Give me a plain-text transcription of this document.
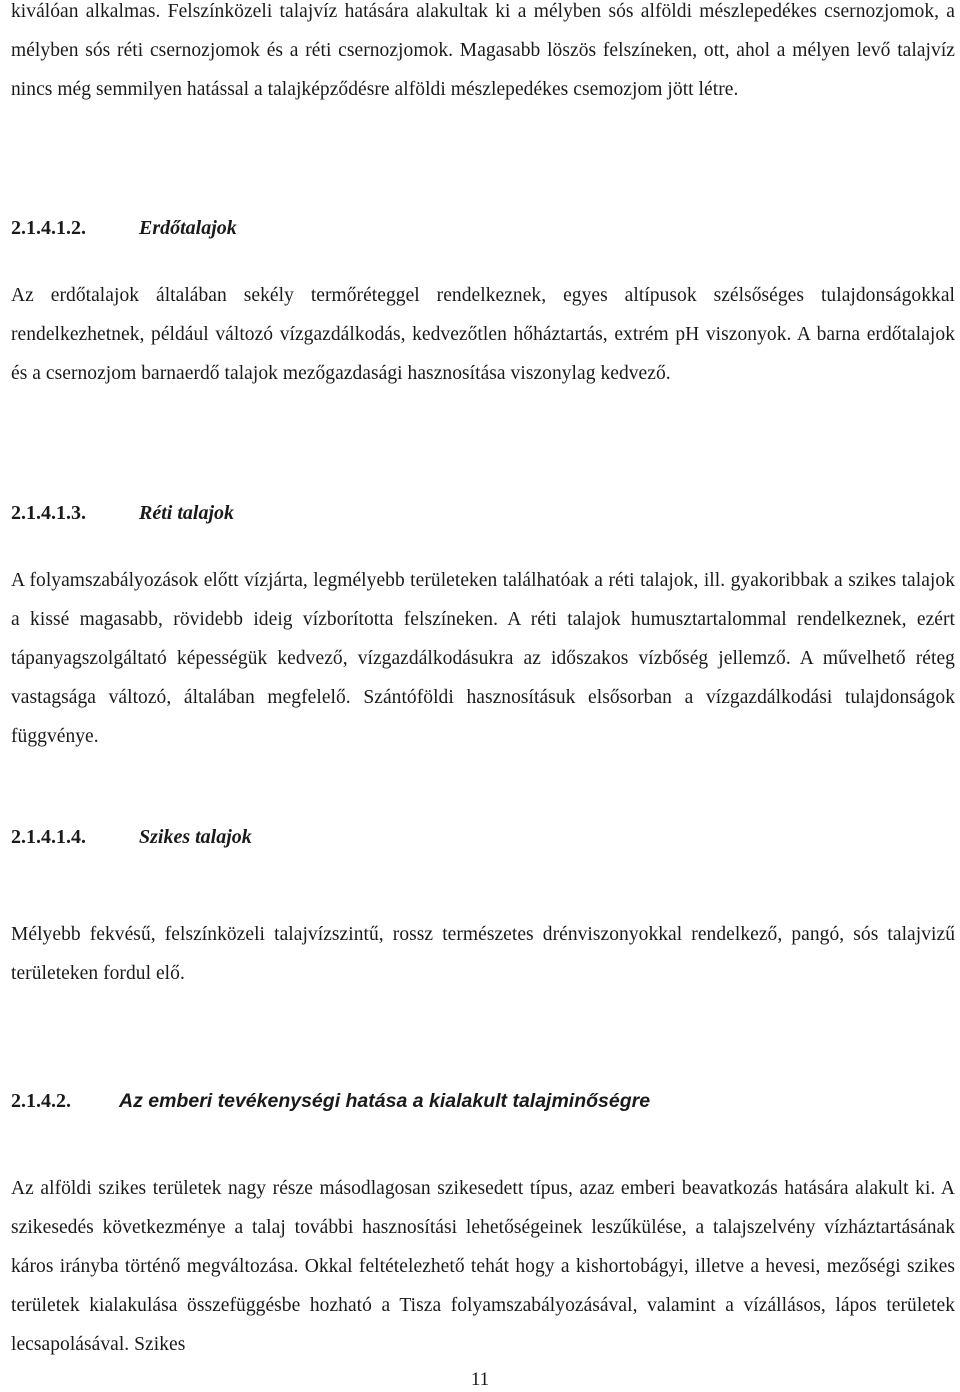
kiválóan alkalmas. Felszínközeli talajvíz hatására alakultak ki a mélyben sós alföldi mészlepedékes csernozjomok, a mélyben sós réti csernozjomok és a réti csernozjomok. Magasabb löszös felszíneken, ott, ahol a mélyen levő talajvíz nincs még semmilyen hatással a talajképződésre alföldi mészlepedékes csemozjom jött létre.

2.1.4.1.2.	Erdőtalajok

Az erdőtalajok általában sekély termőréteggel rendelkeznek, egyes altípusok szélsőséges tulajdonságokkal rendelkezhetnek, például változó vízgazdálkodás, kedvezőtlen hőháztartás, extrém pH viszonyok. A barna erdőtalajok és a csernozjom barnaerdő talajok mezőgazdasági hasznosítása viszonylag kedvező.

2.1.4.1.3.	Réti talajok

A folyamszabályozások előtt vízjárta, legmélyebb területeken találhatóak a réti talajok, ill. gyakoribbak a szikes talajok a kissé magasabb, rövidebb ideig vízborította felszíneken. A réti talajok humusztartalommal rendelkeznek, ezért tápanyagszolgáltató képességük kedvező, vízgazdálkodásukra az időszakos vízbőség jellemző. A művelhető réteg vastagsága változó, általában megfelelő. Szántóföldi hasznosításuk elsősorban a vízgazdálkodási tulajdonságok függvénye.

2.1.4.1.4.	Szikes talajok

Mélyebb fekvésű, felszínközeli talajvízszintű, rossz természetes drénviszonyokkal rendelkező, pangó, sós talajvizű területeken fordul elő.

2.1.4.2. Az emberi tevékenységi hatása a kialakult talajminőségre

Az alföldi szikes területek nagy része másodlagosan szikesedett típus, azaz emberi beavatkozás hatására alakult ki. A szikesedés következménye a talaj további hasznosítási lehetőségeinek leszűkülése, a talajszelvény vízháztartásának káros irányba történő megváltozása. Okkal feltételezhető tehát hogy a kishortobágyi, illetve a hevesi, mezőségi szikes területek kialakulása összefüggésbe hozható a Tisza folyamszabályozásával, valamint a vízállásos, lápos területek lecsapolásával. Szikes

11
